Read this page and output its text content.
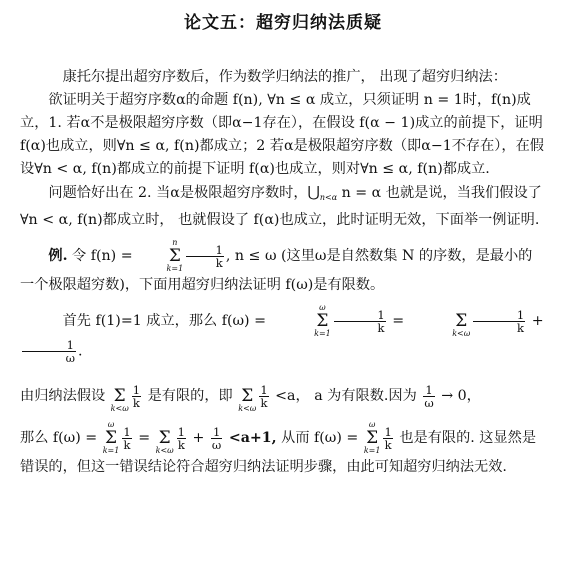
论文五：超穷归纳法质疑

康托尔提出超穷序数后，作为数学归纳法的推广， 出现了超穷归纳法：

欲证明关于超穷序数α的命题 f(n), ∀n ≤ α 成立，只须证明 n = 1时，f(n)成立，1. 若α不是极限超穷序数（即α−1存在），在假设 f(α − 1)成立的前提下，证明 f(α)也成立，则∀n ≤ α, f(n)都成立；2 若α是极限超穷序数（即α−1不存在），在假设∀n < α, f(n)都成立的前提下证明 f(α)也成立，则对∀n ≤ α, f(n)都成立.

问题恰好出在 2. 当α是极限超穷序数时，$⋃_{n<\alpha}$ n = α 也就是说，当我们假设了∀n < α, f(n)都成立时， 也就假设了 f(α)也成立，此时证明无效，下面举一例证明.

例. 令 f(n) =
n
Σ
$k=1 \frac{1}{k}$ , n ≤ ω (这里ω是自然数集 N 的序数，是最小的一个极限超穷数)，下面用超穷归纳法证明 f(ω)是有限数。

首先 f(1)=1 成立，那么 f(ω) =
ω
Σ
$k=1 \frac{1}{k}$ =
	Σ
$k<\omega \frac{1}{k}$ +
$\frac{1}{\omega}$ .

由归纳法假设
Σ
$k<\omega \frac{1}{k}$ 是有限的，即
Σ
$k<\omega \frac{1}{k} <a$， a 为有限数.因为 $\frac{1}{\omega} \to 0$，

那么 f(ω) =
ω
Σ
$k=1 \frac{1}{k}$ =
Σ
$k<\omega \frac{1}{k} + \frac{1}{\omega} <a+1$, 从而 f(ω) =
ω
Σ
$k=1 \frac{1}{k}$ 也是有限的. 这显然是错误的，但这一错误结论符合超穷归纳法证明步骤，由此可知超穷归纳法无效.
